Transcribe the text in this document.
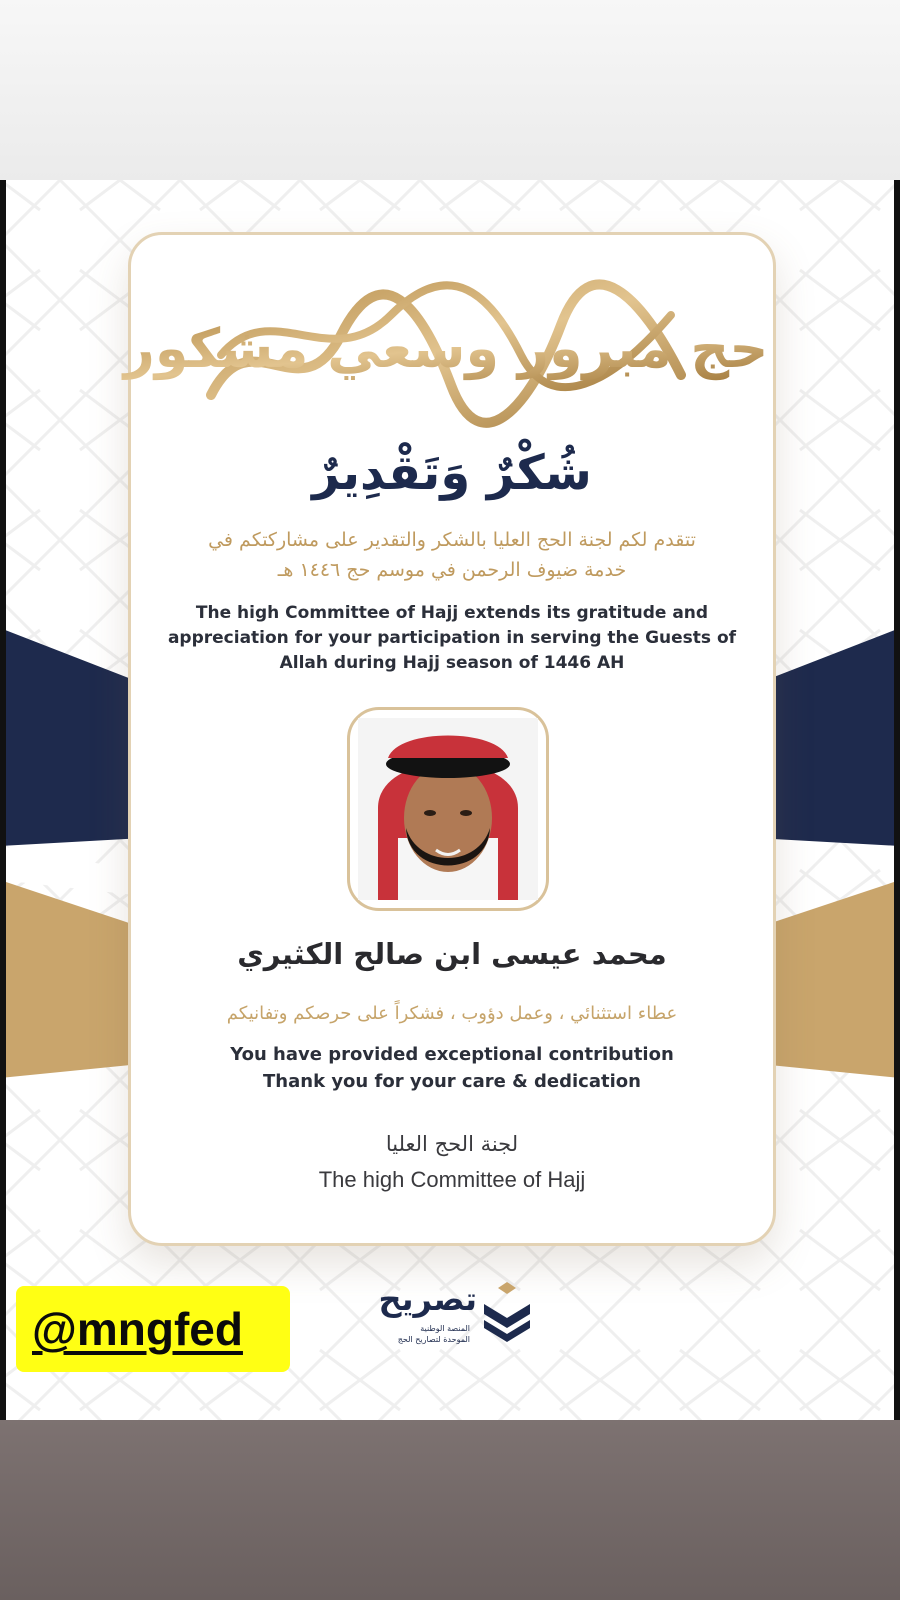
حج مبرور وسعي مشكور
شُكْرٌ وَتَقْدِيرٌ
تتقدم لكم لجنة الحج العليا بالشكر والتقدير على مشاركتكم في
خدمة ضيوف الرحمن في موسم حج ١٤٤٦ هـ
The high Committee of Hajj extends its gratitude and
appreciation for your participation in serving the Guests of
Allah during Hajj season of 1446 AH
محمد عيسى ابن صالح الكثيري
عطاء استثنائي ، وعمل دؤوب ، فشكراً على حرصكم وتفانيكم
You have provided exceptional contribution
Thank you for your care & dedication
لجنة الحج العليا
The high Committee of Hajj
تصريح
المنصة الوطنية
الموحدة لتصاريح الحج
@mngfed
